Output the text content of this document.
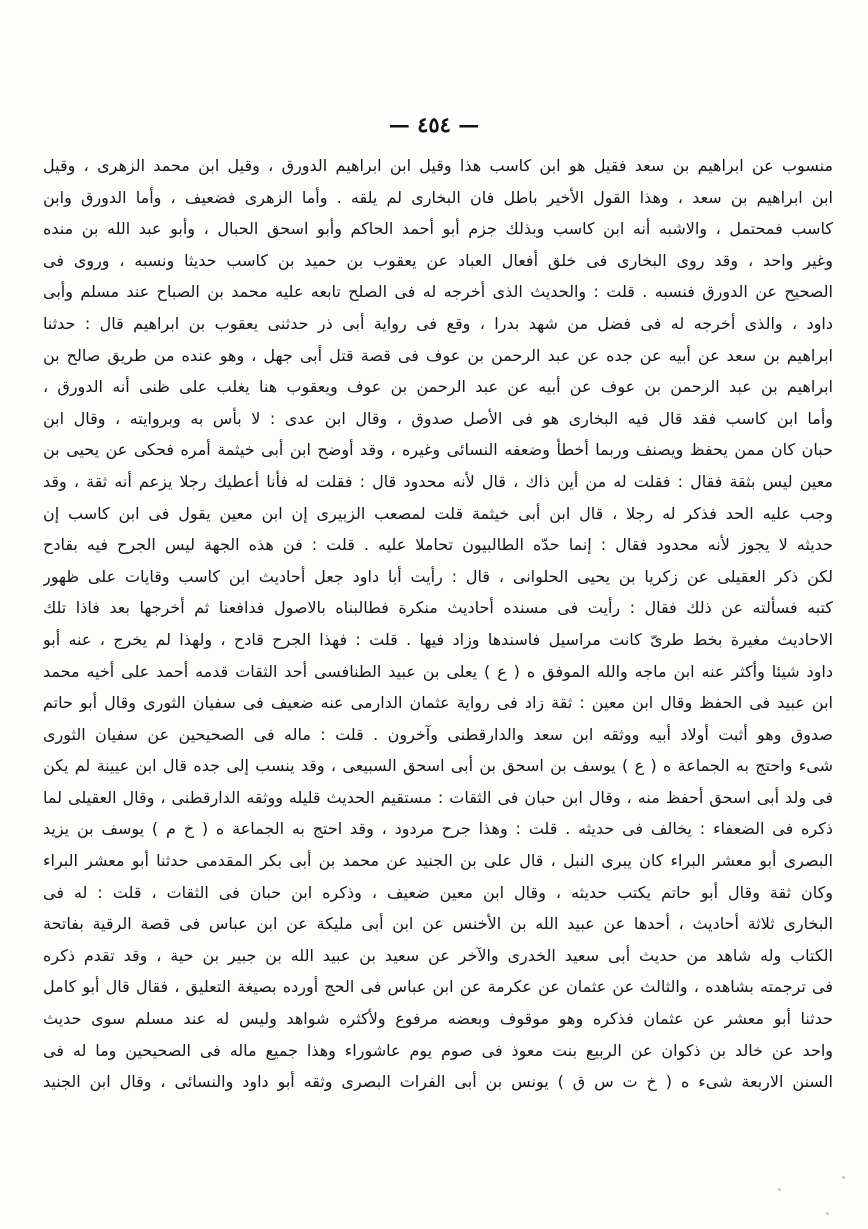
— ٤٥٤ —
منسوب عن ابراهيم بن سعد فقيل هو ابن كاسب هذا وقيل ابن ابراهيم الدورق ، وقيل ابن محمد الزهرى ، وقيل
ابن ابراهيم بن سعد ، وهذا القول الأخير باطل فان البخارى لم يلقه . وأما الزهرى فضعيف ، وأما الدورق وابن
كاسب فمحتمل ، والاشبه أنه ابن كاسب وبذلك جزم أبو أحمد الحاكم وأبو اسحق الحبال ، وأبو عبد الله بن منده
وغير واحد ، وقد روى البخارى فى خلق أفعال العباد عن يعقوب بن حميد بن كاسب حديثا ونسبه ، وروى فى
الصحيح عن الدورق فنسبه . قلت : والحديث الذى أخرجه له فى الصلح تابعه عليه محمد بن الصباح عند مسلم وأبى
داود ، والذى أخرجه له فى فضل من شهد بدرا ، وقع فى رواية أبى ذر حدثنى يعقوب بن ابراهيم قال : حدثنا
ابراهيم بن سعد عن أبيه عن جده عن عبد الرحمن بن عوف فى قصة قتل أبى جهل ، وهو عنده من طريق صالح بن
ابراهيم بن عبد الرحمن بن عوف عن أبيه عن عبد الرحمن بن عوف ويعقوب هنا يغلب على ظنى أنه الدورق ،
وأما ابن كاسب فقد قال فيه البخارى هو فى الأصل صدوق ، وقال ابن عدى : لا بأس به وبروايته ، وقال ابن
حبان كان ممن يحفظ ويصنف وربما أخطأ وضعفه النسائى وغيره ، وقد أوضح ابن أبى خيثمة أمره فحكى عن يحيى بن
معين ليس بثقة فقال : فقلت له من أين ذاك ، قال لأنه محدود قال : فقلت له فأنا أعطيك رجلا يزعم أنه ثقة ، وقد
وجب عليه الحد فذكر له رجلا ، قال ابن أبى خيثمة قلت لمصعب الزبيرى إن ابن معين يقول فى ابن كاسب إن
حديثه لا يجوز لأنه محدود فقال : إنما حدّه الطالبيون تحاملا عليه . قلت : فن هذه الجهة ليس الجرح فيه بقادح
لكن ذكر العقيلى عن زكريا بن يحيى الحلوانى ، قال : رأيت أبا داود جعل أحاديث ابن كاسب وقايات على ظهور
كتبه فسألته عن ذلك فقال : رأيت فى مسنده أحاديث منكرة فطالبناه بالاصول فدافعنا ثم أخرجها بعد فاذا تلك
الاحاديث مغيرة بخط طرىّ كانت مراسيل فاسندها وزاد فيها . قلت : فهذا الجرح قادح ، ولهذا لم يخرج ، عنه أبو
داود شيئا وأكثر عنه ابن ماجه والله الموفق ه ( ع ) يعلى بن عبيد الطنافسى أحد الثقات قدمه أحمد على أخيه محمد
ابن عبيد فى الحفظ وقال ابن معين : ثقة زاد فى رواية عثمان الدارمى عنه ضعيف فى سفيان الثورى وقال أبو حاتم
صدوق وهو أثبت أولاد أبيه ووثقه ابن سعد والدارقطنى وآخرون . قلت : ماله فى الصحيحين عن سفيان الثورى
شىء واحتج به الجماعة ه ( ع ) يوسف بن اسحق بن أبى اسحق السبيعى ، وقد ينسب إلى جده قال ابن عيينة لم يكن
فى ولد أبى اسحق أحفظ منه ، وقال ابن حبان فى الثقات : مستقيم الحديث قليله ووثقه الدارقطنى ، وقال العقيلى لما
ذكره فى الضعفاء : يخالف فى حديثه . قلت : وهذا جرح مردود ، وقد احتج به الجماعة ه ( خ م ) يوسف بن يزيد
البصرى أبو معشر البراء كان يبرى النبل ، قال على بن الجنيد عن محمد بن أبى بكر المقدمى حدثنا أبو معشر البراء
وكان ثقة وقال أبو حاتم يكتب حديثه ، وقال ابن معين ضعيف ، وذكره ابن حبان فى الثقات ، قلت : له فى
البخارى ثلاثة أحاديث ، أحدها عن عبيد الله بن الأخنس عن ابن أبى مليكة عن ابن عباس فى قصة الرقية بفاتحة
الكتاب وله شاهد من حديث أبى سعيد الخدرى والآخر عن سعيد بن عبيد الله بن جبير بن حية ، وقد تقدم ذكره
فى ترجمته بشاهده ، والثالث عن عثمان عن عكرمة عن ابن عباس فى الحج أورده بصيغة التعليق ، فقال قال أبو كامل
حدثنا أبو معشر عن عثمان فذكره وهو موقوف وبعضه مرفوع ولأكثره شواهد وليس له عند مسلم سوى حديث
واحد عن خالد بن ذكوان عن الربيع بنت معوذ فى صوم يوم عاشوراء وهذا جميع ماله فى الصحيحين وما له فى
السنن الاربعة شىء ه ( خ ت س ق ) يونس بن أبى الفرات البصرى وثقه أبو داود والنسائى ، وقال ابن الجنيد
